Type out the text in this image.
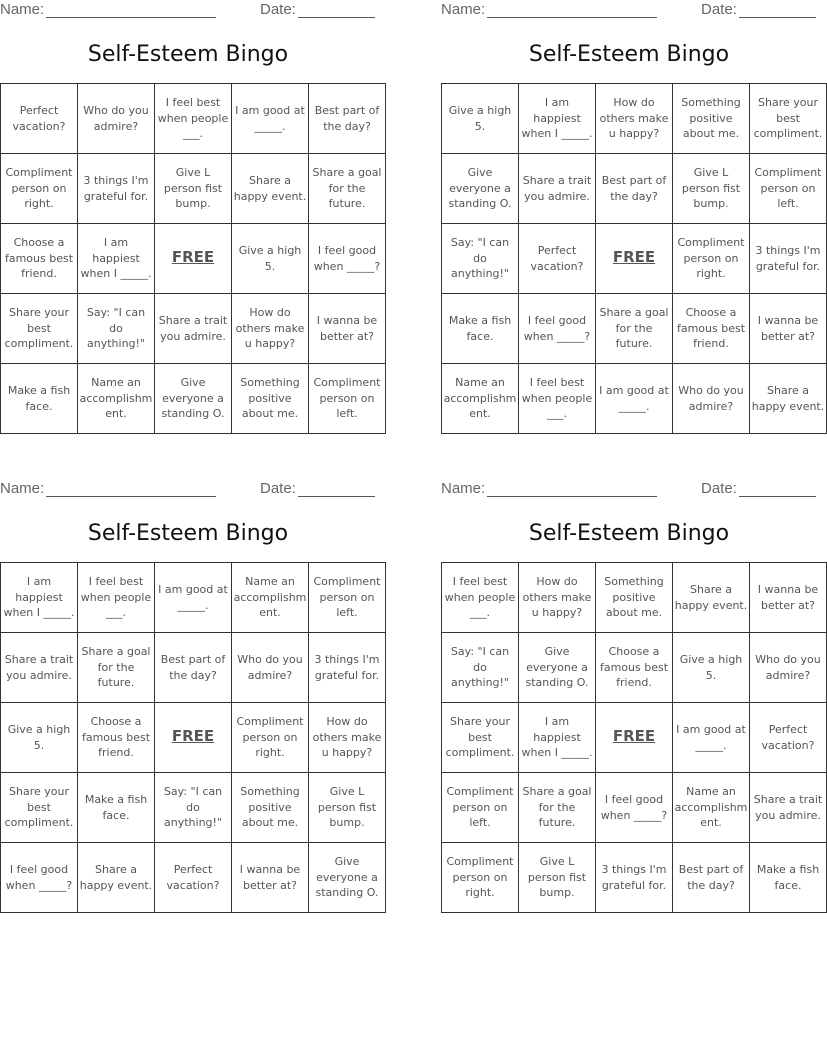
Name:	Date:
Self-Esteem Bingo
Perfect vacation?	Who do you admire?	I feel best when people ___.	I am good at _____.	Best part of the day?
Compliment person on right.	3 things I'm grateful for.	Give L person fist bump.	Share a happy event.	Share a goal for the future.
Choose a famous best friend.	I am happiest when I _____.	FREE	Give a high 5.	I feel good when _____?
Share your best compliment.	Say: "I can do anything!"	Share a trait you admire.	How do others make u happy?	I wanna be better at?
Make a fish face.	Name an accomplishment.	Give everyone a standing O.	Something positive about me.	Compliment person on left.
Name:	Date:
Self-Esteem Bingo
Give a high 5.	I am happiest when I _____.	How do others make u happy?	Something positive about me.	Share your best compliment.
Give everyone a standing O.	Share a trait you admire.	Best part of the day?	Give L person fist bump.	Compliment person on left.
Say: "I can do anything!"	Perfect vacation?	FREE	Compliment person on right.	3 things I'm grateful for.
Make a fish face.	I feel good when _____?	Share a goal for the future.	Choose a famous best friend.	I wanna be better at?
Name an accomplishment.	I feel best when people ___.	I am good at _____.	Who do you admire?	Share a happy event.
Name:	Date:
Self-Esteem Bingo
I am happiest when I _____.	I feel best when people ___.	I am good at _____.	Name an accomplishment.	Compliment person on left.
Share a trait you admire.	Share a goal for the future.	Best part of the day?	Who do you admire?	3 things I'm grateful for.
Give a high 5.	Choose a famous best friend.	FREE	Compliment person on right.	How do others make u happy?
Share your best compliment.	Make a fish face.	Say: "I can do anything!"	Something positive about me.	Give L person fist bump.
I feel good when _____?	Share a happy event.	Perfect vacation?	I wanna be better at?	Give everyone a standing O.
Name:	Date:
Self-Esteem Bingo
I feel best when people ___.	How do others make u happy?	Something positive about me.	Share a happy event.	I wanna be better at?
Say: "I can do anything!"	Give everyone a standing O.	Choose a famous best friend.	Give a high 5.	Who do you admire?
Share your best compliment.	I am happiest when I _____.	FREE	I am good at _____.	Perfect vacation?
Compliment person on left.	Share a goal for the future.	I feel good when _____?	Name an accomplishment.	Share a trait you admire.
Compliment person on right.	Give L person fist bump.	3 things I'm grateful for.	Best part of the day?	Make a fish face.
